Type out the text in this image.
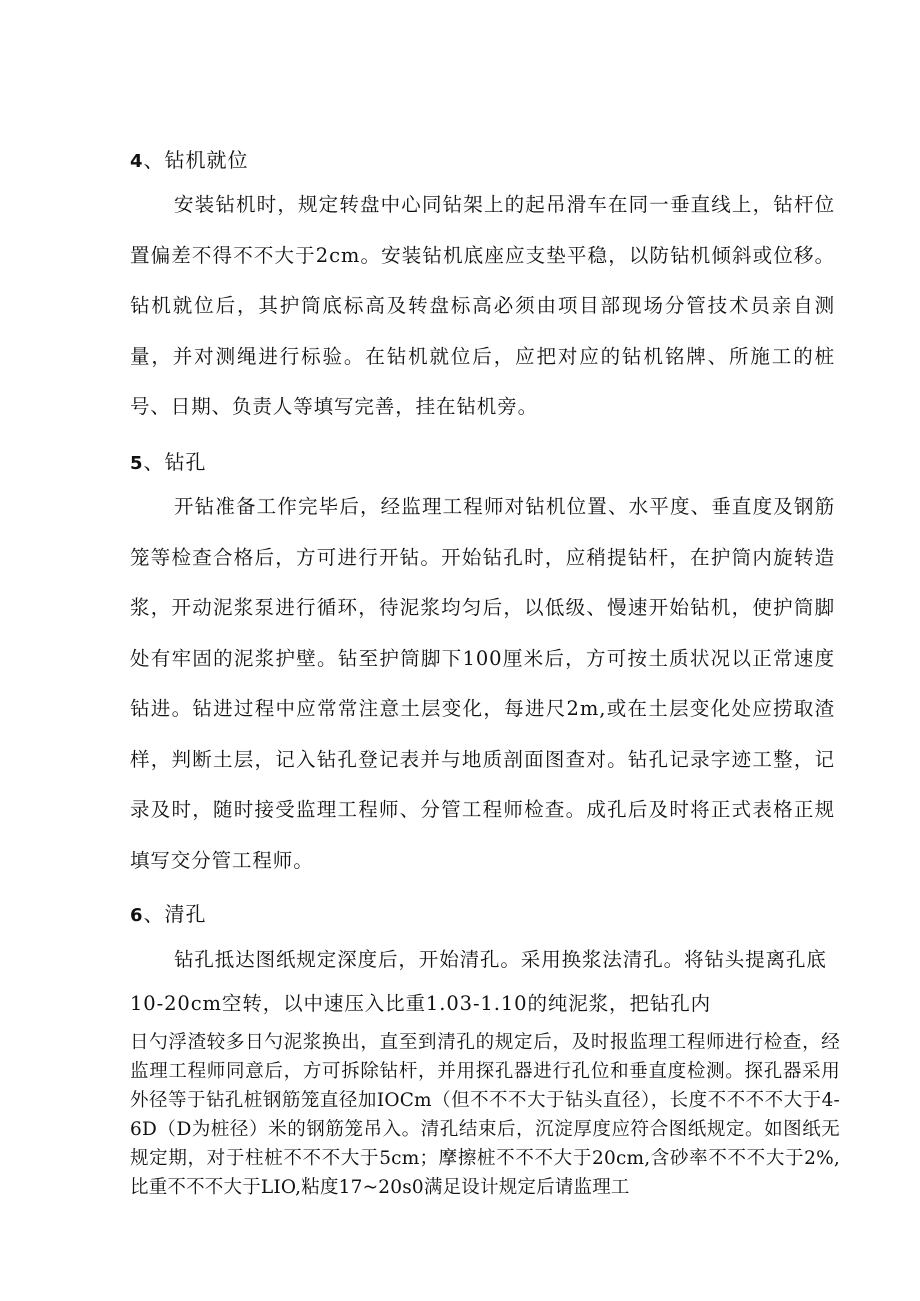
4、钻机就位

安装钻机时，规定转盘中心同钻架上的起吊滑车在同一垂直线上，钻杆位置偏差不得不不大于2cm。安装钻机底座应支垫平稳，以防钻机倾斜或位移。钻机就位后，其护筒底标高及转盘标高必须由项目部现场分管技术员亲自测量，并对测绳进行标验。在钻机就位后，应把对应的钻机铭牌、所施工的桩号、日期、负责人等填写完善，挂在钻机旁。

5、钻孔

开钻准备工作完毕后，经监理工程师对钻机位置、水平度、垂直度及钢筋笼等检查合格后，方可进行开钻。开始钻孔时，应稍提钻杆，在护筒内旋转造浆，开动泥浆泵进行循环，待泥浆均匀后，以低级、慢速开始钻机，使护筒脚处有牢固的泥浆护壁。钻至护筒脚下100厘米后，方可按土质状况以正常速度钻进。钻进过程中应常常注意土层变化，每进尺2m,或在土层变化处应捞取渣样，判断土层，记入钻孔登记表并与地质剖面图查对。钻孔记录字迹工整，记录及时，随时接受监理工程师、分管工程师检查。成孔后及时将正式表格正规填写交分管工程师。

6、清孔

钻孔抵达图纸规定深度后，开始清孔。采用换浆法清孔。将钻头提离孔底10-20cm空转，以中速压入比重1.03-1.10的纯泥浆，把钻孔内

日勺浮渣较多日勺泥浆换出，直至到清孔的规定后，及时报监理工程师进行检查，经监理工程师同意后，方可拆除钻杆，并用探孔器进行孔位和垂直度检测。探孔器采用外径等于钻孔桩钢筋笼直径加IOCm（但不不不大于钻头直径），长度不不不不大于4-6D（D为桩径）米的钢筋笼吊入。清孔结束后，沉淀厚度应符合图纸规定。如图纸无规定期，对于柱桩不不不大于5cm；摩擦桩不不不大于20cm,含砂率不不不大于2%,比重不不不大于LIO,粘度17~20s0满足设计规定后请监理工
